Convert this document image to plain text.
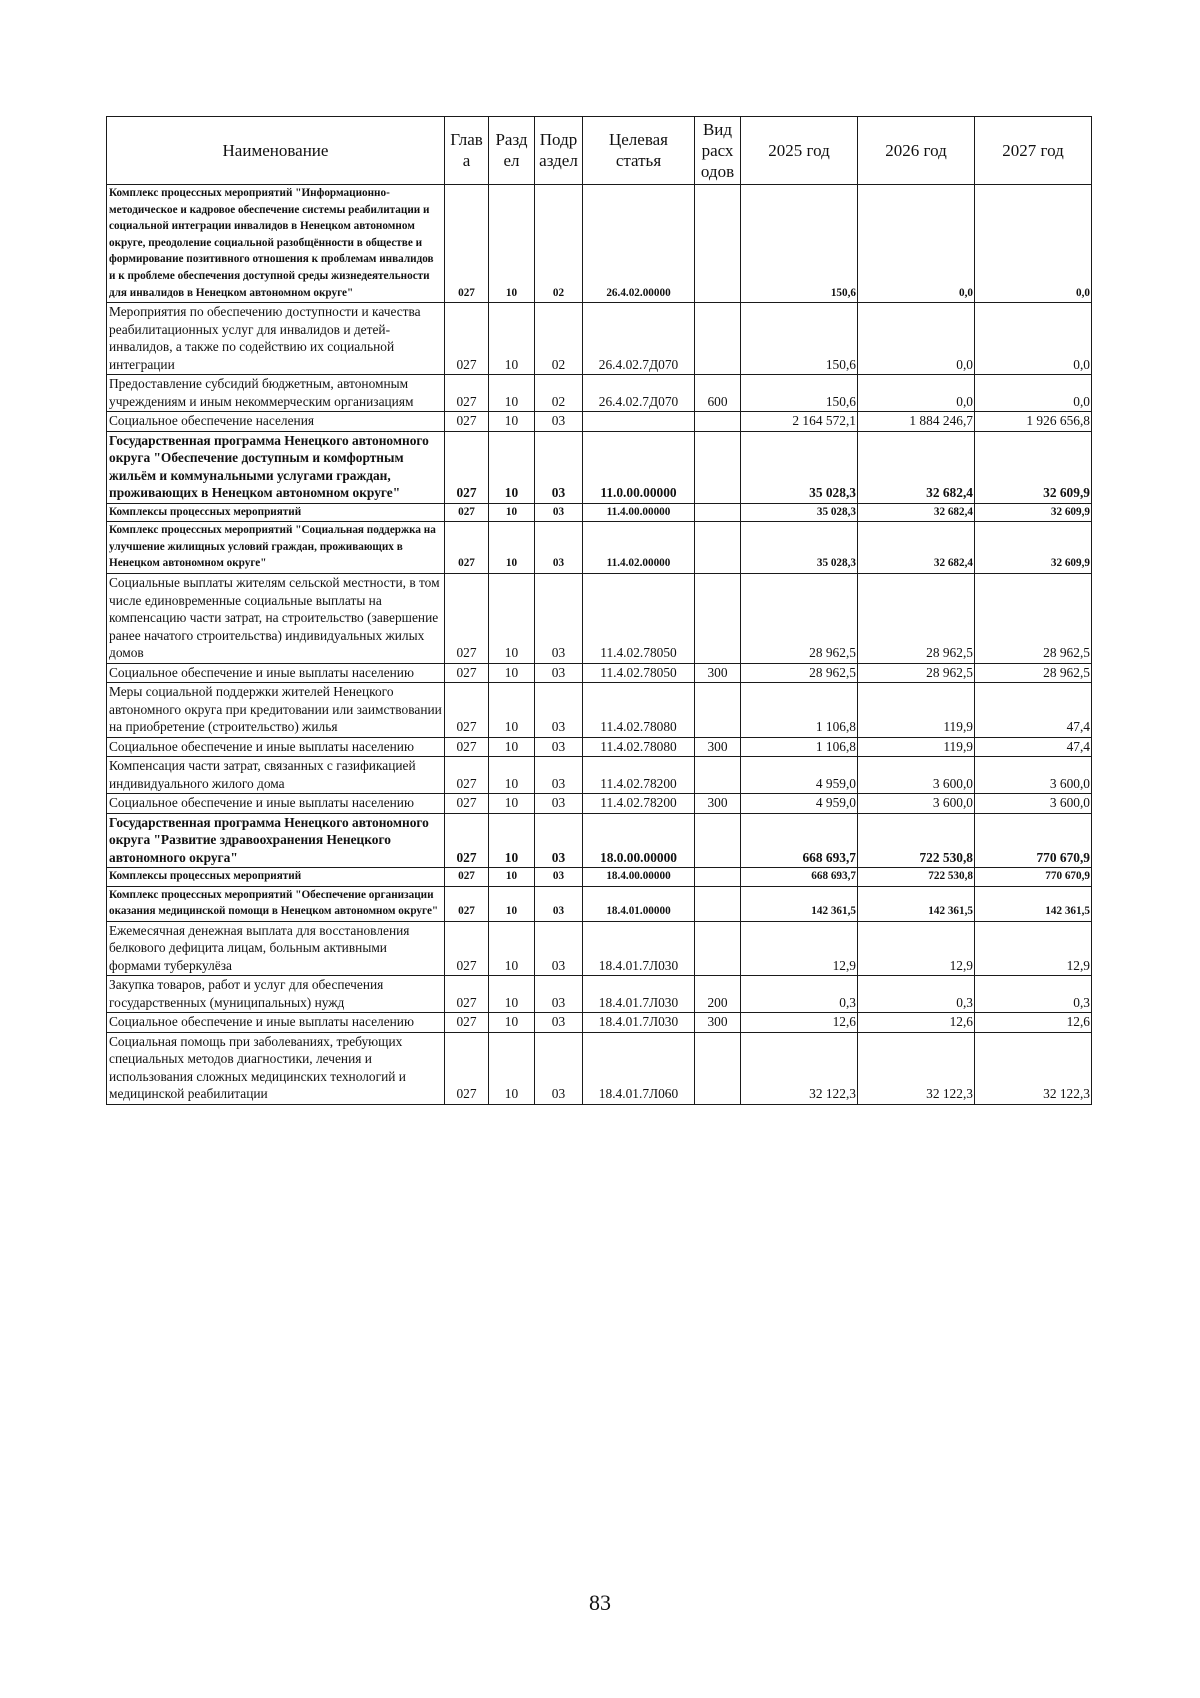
Наименование	Глав а	Разд ел	Подр аздел	Целевая статья	Вид расх одов	2025 год	2026 год	2027 год
Комплекс процессных мероприятий "Информационно-методическое и кадровое обеспечение системы реабилитации и социальной интеграции инвалидов в Ненецком автономном округе, преодоление социальной разобщённости в обществе и формирование позитивного отношения к проблемам инвалидов и к проблеме обеспечения доступной среды жизнедеятельности для инвалидов в Ненецком автономном округе"	027	10	02	26.4.02.00000		150,6	0,0	0,0
Мероприятия по обеспечению доступности и качества реабилитационных услуг для инвалидов и детей-инвалидов, а также по содействию их социальной интеграции	027	10	02	26.4.02.7Д070		150,6	0,0	0,0
Предоставление субсидий бюджетным, автономным учреждениям и иным некоммерческим организациям	027	10	02	26.4.02.7Д070	600	150,6	0,0	0,0
Социальное обеспечение населения	027	10	03			2 164 572,1	1 884 246,7	1 926 656,8
Государственная программа Ненецкого автономного округа "Обеспечение доступным и комфортным жильём и коммунальными услугами граждан, проживающих в Ненецком автономном округе"	027	10	03	11.0.00.00000		35 028,3	32 682,4	32 609,9
Комплексы процессных мероприятий	027	10	03	11.4.00.00000		35 028,3	32 682,4	32 609,9
Комплекс процессных мероприятий "Социальная поддержка на улучшение жилищных условий граждан, проживающих в Ненецком автономном округе"	027	10	03	11.4.02.00000		35 028,3	32 682,4	32 609,9
Социальные выплаты жителям сельской местности, в том числе единовременные социальные выплаты на компенсацию части затрат, на строительство (завершение ранее начатого строительства) индивидуальных жилых домов	027	10	03	11.4.02.78050		28 962,5	28 962,5	28 962,5
Социальное обеспечение и иные выплаты населению	027	10	03	11.4.02.78050	300	28 962,5	28 962,5	28 962,5
Меры социальной поддержки жителей Ненецкого автономного округа при кредитовании или заимствовании на приобретение (строительство) жилья	027	10	03	11.4.02.78080		1 106,8	119,9	47,4
Социальное обеспечение и иные выплаты населению	027	10	03	11.4.02.78080	300	1 106,8	119,9	47,4
Компенсация части затрат, связанных с газификацией индивидуального жилого дома	027	10	03	11.4.02.78200		4 959,0	3 600,0	3 600,0
Социальное обеспечение и иные выплаты населению	027	10	03	11.4.02.78200	300	4 959,0	3 600,0	3 600,0
Государственная программа Ненецкого автономного округа "Развитие здравоохранения Ненецкого автономного округа"	027	10	03	18.0.00.00000		668 693,7	722 530,8	770 670,9
Комплексы процессных мероприятий	027	10	03	18.4.00.00000		668 693,7	722 530,8	770 670,9
Комплекс процессных мероприятий "Обеспечение организации оказания медицинской помощи в Ненецком автономном округе"	027	10	03	18.4.01.00000		142 361,5	142 361,5	142 361,5
Ежемесячная денежная выплата для восстановления белкового дефицита лицам, больным активными формами туберкулёза	027	10	03	18.4.01.7Л030		12,9	12,9	12,9
Закупка товаров, работ и услуг для обеспечения государственных (муниципальных) нужд	027	10	03	18.4.01.7Л030	200	0,3	0,3	0,3
Социальное обеспечение и иные выплаты населению	027	10	03	18.4.01.7Л030	300	12,6	12,6	12,6
Социальная помощь при заболеваниях, требующих специальных методов диагностики, лечения и использования сложных медицинских технологий и медицинской реабилитации	027	10	03	18.4.01.7Л060		32 122,3	32 122,3	32 122,3
83
